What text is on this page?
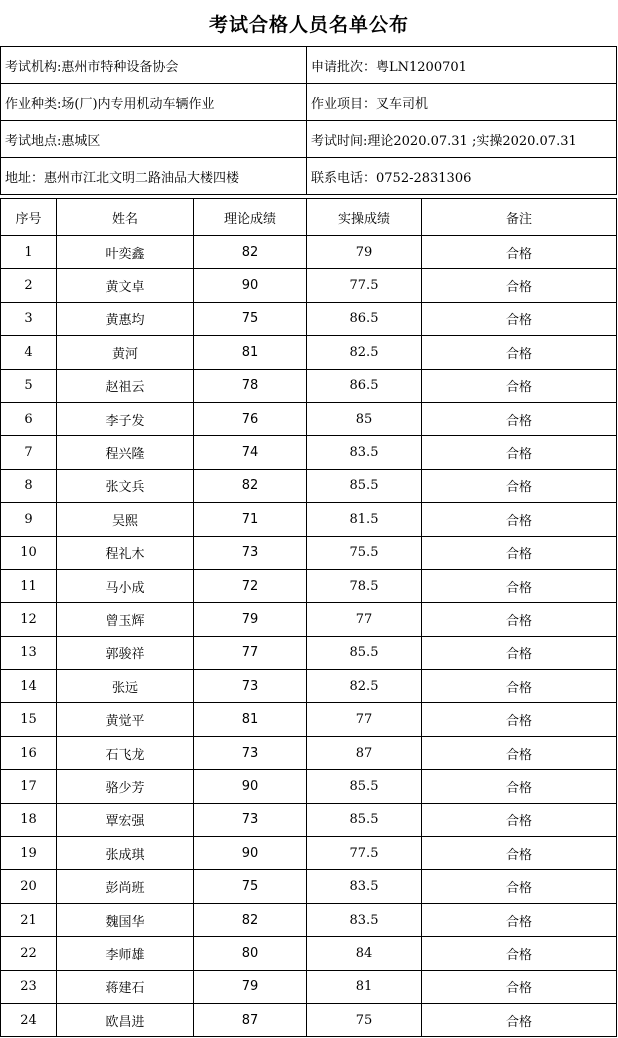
考试合格人员名单公布
考试机构:惠州市特种设备协会	申请批次：粤LN1200701
作业种类:场(厂)内专用机动车辆作业	作业项目：叉车司机
考试地点:惠城区	考试时间:理论2020.07.31 ;实操2020.07.31
地址：惠州市江北文明二路油品大楼四楼	联系电话：0752-2831306
序号	姓名	理论成绩	实操成绩	备注
1	叶奕鑫	82	79	合格
2	黄文卓	90	77.5	合格
3	黄惠均	75	86.5	合格
4	黄河	81	82.5	合格
5	赵祖云	78	86.5	合格
6	李子发	76	85	合格
7	程兴隆	74	83.5	合格
8	张文兵	82	85.5	合格
9	吴熙	71	81.5	合格
10	程礼木	73	75.5	合格
11	马小成	72	78.5	合格
12	曾玉辉	79	77	合格
13	郭骏祥	77	85.5	合格
14	张远	73	82.5	合格
15	黄觉平	81	77	合格
16	石飞龙	73	87	合格
17	骆少芳	90	85.5	合格
18	覃宏强	73	85.5	合格
19	张成琪	90	77.5	合格
20	彭尚班	75	83.5	合格
21	魏国华	82	83.5	合格
22	李师雄	80	84	合格
23	蒋建石	79	81	合格
24	欧昌进	87	75	合格
